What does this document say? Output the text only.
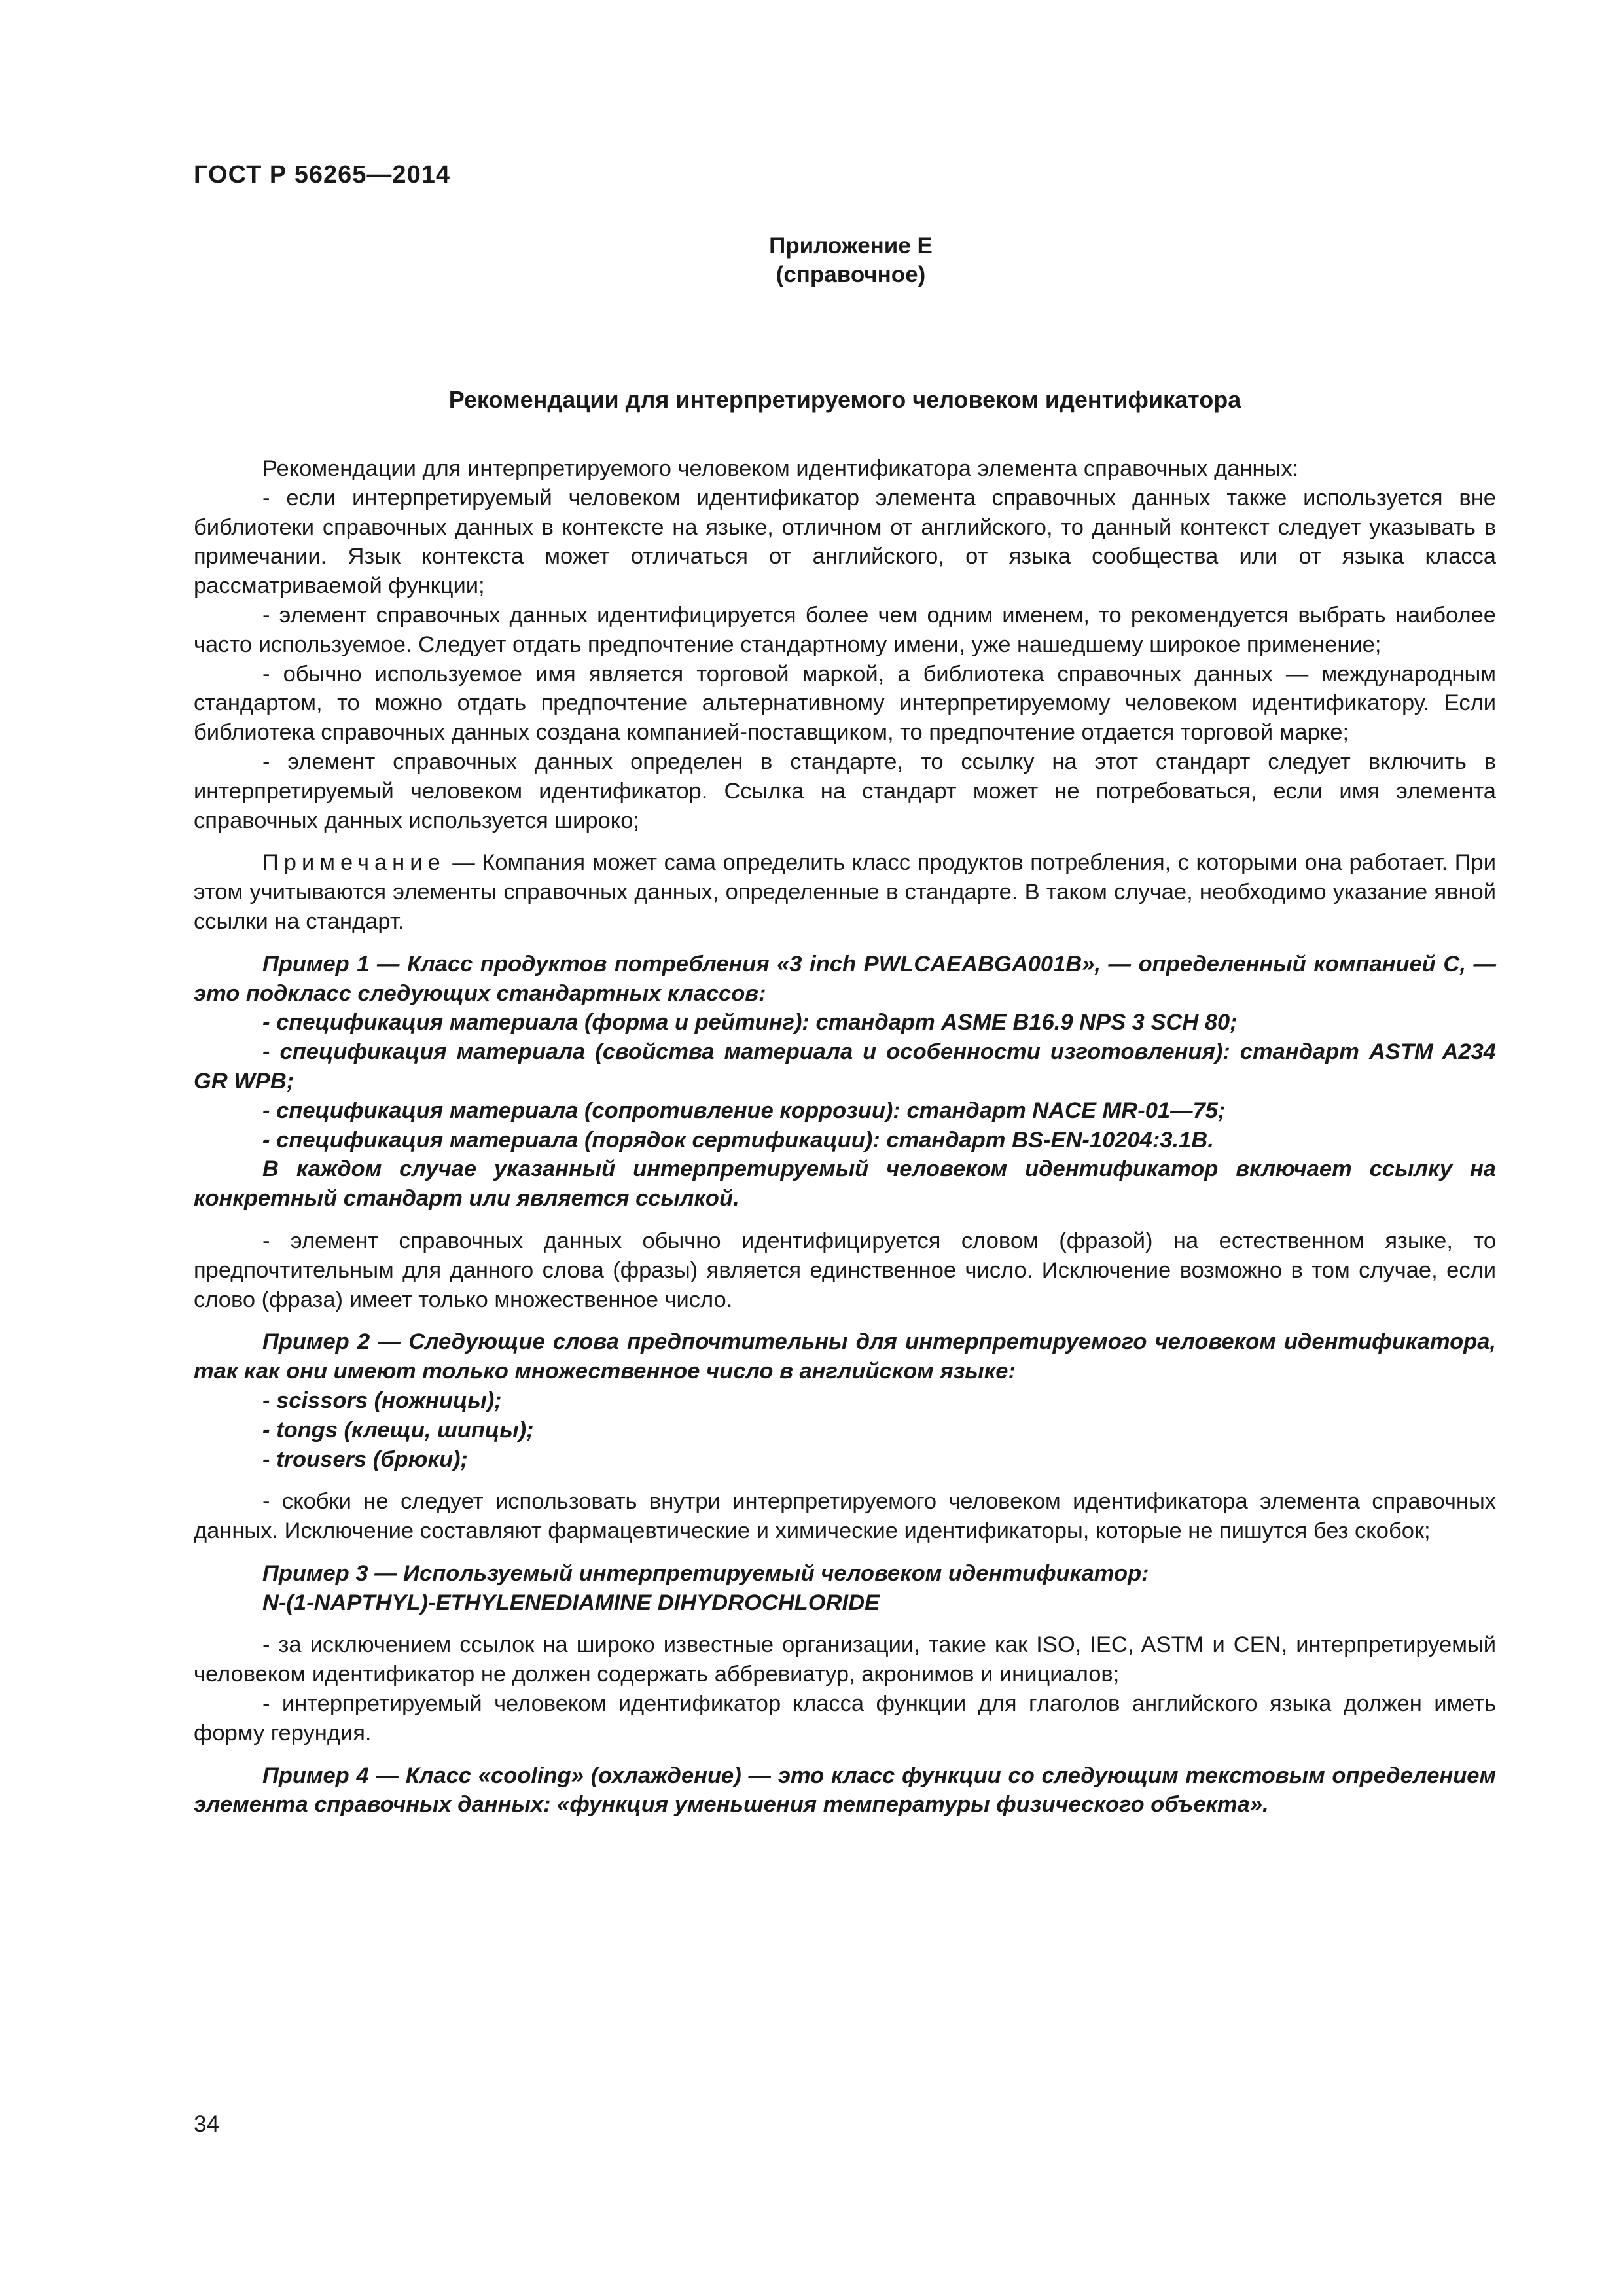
ГОСТ Р 56265—2014
Приложение Е
(справочное)
Рекомендации для интерпретируемого человеком идентификатора

Рекомендации для интерпретируемого человеком идентификатора элемента справочных данных:

- если интерпретируемый человеком идентификатор элемента справочных данных также используется вне библиотеки справочных данных в контексте на языке, отличном от английского, то данный контекст следует указывать в примечании. Язык контекста может отличаться от английского, от языка сообщества или от языка класса рассматриваемой функции;

- элемент справочных данных идентифицируется более чем одним именем, то рекомендуется выбрать наиболее часто используемое. Следует отдать предпочтение стандартному имени, уже нашедшему широкое применение;

- обычно используемое имя является торговой маркой, а библиотека справочных данных — международным стандартом, то можно отдать предпочтение альтернативному интерпретируемому человеком идентификатору. Если библиотека справочных данных создана компанией-поставщиком, то предпочтение отдается торговой марке;

- элемент справочных данных определен в стандарте, то ссылку на этот стандарт следует включить в интерпретируемый человеком идентификатор. Ссылка на стандарт может не потребоваться, если имя элемента справочных данных используется широко;

Примечание — Компания может сама определить класс продуктов потребления, с которыми она работает. При этом учитываются элементы справочных данных, определенные в стандарте. В таком случае, необходимо указание явной ссылки на стандарт.

Пример 1 — Класс продуктов потребления «3 inch PWLCAEABGA001B», — определенный компанией С, — это подкласс следующих стандартных классов:

- спецификация материала (форма и рейтинг): стандарт ASME B16.9 NPS 3 SCH 80;

- спецификация материала (свойства материала и особенности изготовления): стандарт ASTM A234 GR WPB;

- спецификация материала (сопротивление коррозии): стандарт NACE MR-01—75;

- спецификация материала (порядок сертификации): стандарт BS-EN-10204:3.1B.

В каждом случае указанный интерпретируемый человеком идентификатор включает ссылку на конкретный стандарт или является ссылкой.

- элемент справочных данных обычно идентифицируется словом (фразой) на естественном языке, то предпочтительным для данного слова (фразы) является единственное число. Исключение возможно в том случае, если слово (фраза) имеет только множественное число.

Пример 2 — Следующие слова предпочтительны для интерпретируемого человеком идентификатора, так как они имеют только множественное число в английском языке:

- scissors (ножницы);

- tongs (клещи, шипцы);

- trousers (брюки);

- скобки не следует использовать внутри интерпретируемого человеком идентификатора элемента справочных данных. Исключение составляют фармацевтические и химические идентификаторы, которые не пишутся без скобок;

Пример 3 — Используемый интерпретируемый человеком идентификатор:

N-(1-NAPTHYL)-ETHYLENEDIAMINE DIHYDROCHLORIDE

- за исключением ссылок на широко известные организации, такие как ISO, IEC, ASTM и CEN, интерпретируемый человеком идентификатор не должен содержать аббревиатур, акронимов и инициалов;

- интерпретируемый человеком идентификатор класса функции для глаголов английского языка должен иметь форму герундия.

Пример 4 — Класс «cooling» (охлаждение) — это класс функции со следующим текстовым определением элемента справочных данных: «функция уменьшения температуры физического объекта».

34
